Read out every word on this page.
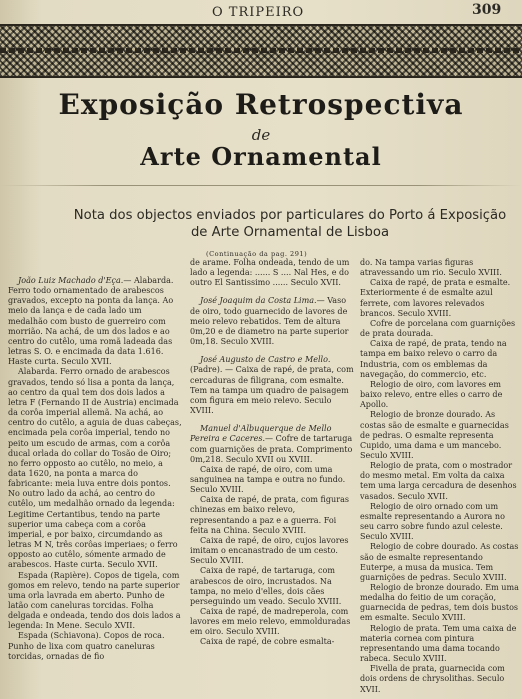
O TRIPEIRO	309
Exposição Retrospectiva
de
Arte Ornamental
Nota dos objectos enviados por particulares do Porto á Exposição
de Arte Ornamental de Lisboa
(Continuação da pag. 291)

João Luiz Machado d'Eça.— Alabarda. Ferro todo ornamentado de arabescos gravados, excepto na ponta da lança. Ao meio da lança e de cada lado um medalhão com busto de guerreiro com morrião. Na achá, de um dos lados e ao centro do cutêlo, uma romã ladeada das letras S. O. e encimada da data 1.616. Haste curta. Seculo XVII.

Alabarda. Ferro ornado de arabescos gravados, tendo só lisa a ponta da lança, ao centro da qual tem dos dois lados a letra F (Fernando II de Austria) encimada da corôa imperial allemã. Na achá, ao centro do cutêlo, a aguia de duas cabeças, encimada pela corôa imperial, tendo no peito um escudo de armas, com a corôa ducal orlada do collar do Tosão de Oiro; no ferro opposto ao cutêlo, no meio, a data 1620, na ponta a marca do fabricante: meia luva entre dois pontos. No outro lado da achá, ao centro do cutêlo, um medalhão ornado da legenda: Legitime Certantibus, tendo na parte superior uma cabeça com a corôa imperial, e por baixo, circumdando as letras M N, três corôas imperiaes; o ferro opposto ao cutêlo, sómente armado de arabescos. Haste curta. Seculo XVII.

Espada (Rapière). Copos de tigela, com gomos em relevo, tendo na parte superior uma orla lavrada em aberto. Punho de latão com caneluras torcidas. Folha delgada e ondeada, tendo dos dois lados a legenda: In Mene. Seculo XVII.

Espada (Schiavona). Copos de roca. Punho de lixa com quatro caneluras torcidas, ornadas de fio

de arame. Folha ondeada, tendo de um lado a legenda: ...... S .... Nal Hes, e do outro El Santissimo ...... Seculo XVII.

José Joaquim da Costa Lima.— Vaso de oiro, todo guarnecido de lavores de meio relevo rebatidos. Tem de altura 0m,20 e de diametro na parte superior 0m,18. Seculo XVIII.

José Augusto de Castro e Mello. (Padre). — Caixa de rapé, de prata, com cercaduras de filigrana, com esmalte. Tem na tampa um quadro de paisagem com figura em meio relevo. Seculo XVIII.

Manuel d'Albuquerque de Mello Pereira e Caceres.— Cofre de tartaruga com guarnições de prata. Comprimento 0m,218. Seculo XVII ou XVIII.

Caixa de rapé, de oiro, com uma sanguinea na tampa e outra no fundo. Seculo XVIII.

Caixa de rapé, de prata, com figuras chinezas em baixo relevo, representando a paz e a guerra. Foi feita na China. Seculo XVIII.

Caixa de rapé, de oiro, cujos lavores imitam o encanastrado de um cesto. Seculo XVIII.

Caixa de rapé, de tartaruga, com arabescos de oiro, incrustados. Na tampa, no meio d'elles, dois cães perseguindo um veado. Seculo XVIII.

Caixa de rapé, de madreperola, com lavores em meio relevo, emmolduradas em oiro. Seculo XVIII.

Caixa de rapé, de cobre esmalta-

do. Na tampa varias figuras atravessando um rio. Seculo XVIII.

Caixa de rapé, de prata e esmalte. Exteriormente é de esmalte azul ferrete, com lavores relevados brancos. Seculo XVIII.

Cofre de porcelana com guarnições de prata dourada.

Caixa de rapé, de prata, tendo na tampa em baixo relevo o carro da Industria, com os emblemas da navegação, do commercio, etc.

Relogio de oiro, com lavores em baixo relevo, entre elles o carro de Apollo.

Relogio de bronze dourado. As costas são de esmalte e guarnecidas de pedras. O esmalte representa Cupido, uma dama e um mancebo. Seculo XVIII.

Relogio de prata, com o mostrador do mesmo metal. Em volta da caixa tem uma larga cercadura de desenhos vasados. Seculo XVII.

Relogio de oiro ornado com um esmalte representando a Aurora no seu carro sobre fundo azul celeste. Seculo XVIII.

Relogio de cobre dourado. As costas são de esmalte representando Euterpe, a musa da musica. Tem guarnições de pedras. Seculo XVIII.

Relogio de bronze dourado. Em uma medalha do feitio de um coração, guarnecida de pedras, tem dois bustos em esmalte. Seculo XVIII.

Relogio de prata. Tem uma caixa de materia cornea com pintura representando uma dama tocando rabeca. Seculo XVIII.

Fivella de prata, guarnecida com dois ordens de chrysolithas. Seculo XVII.
